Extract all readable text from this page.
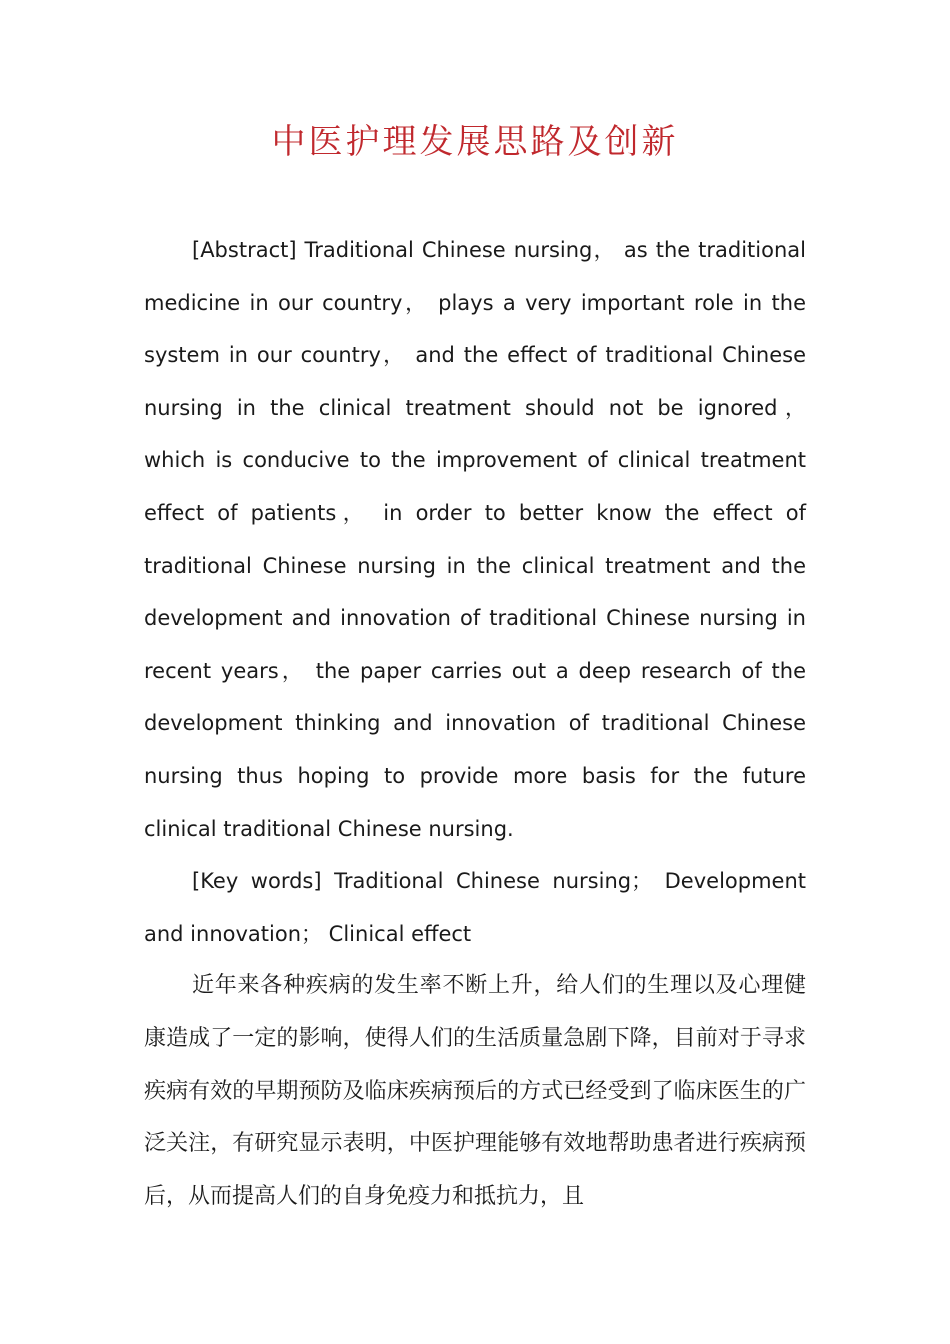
中医护理发展思路及创新

[Abstract] Traditional Chinese nursing， as the traditional medicine in our country， plays a very important role in the system in our country， and the effect of traditional Chinese nursing in the clinical treatment should not be ignored， which is conducive to the improvement of clinical treatment effect of patients， in order to better know the effect of traditional Chinese nursing in the clinical treatment and the development and innovation of traditional Chinese nursing in recent years， the paper carries out a deep research of the development thinking and innovation of traditional Chinese nursing thus hoping to provide more basis for the future clinical traditional Chinese nursing.

[Key words] Traditional Chinese nursing； Development and innovation； Clinical effect

近年来各种疾病的发生率不断上升，给人们的生理以及心理健康造成了一定的影响，使得人们的生活质量急剧下降，目前对于寻求疾病有效的早期预防及临床疾病预后的方式已经受到了临床医生的广泛关注，有研究显示表明，中医护理能够有效地帮助患者进行疾病预后，从而提高人们的自身免疫力和抵抗力，且
